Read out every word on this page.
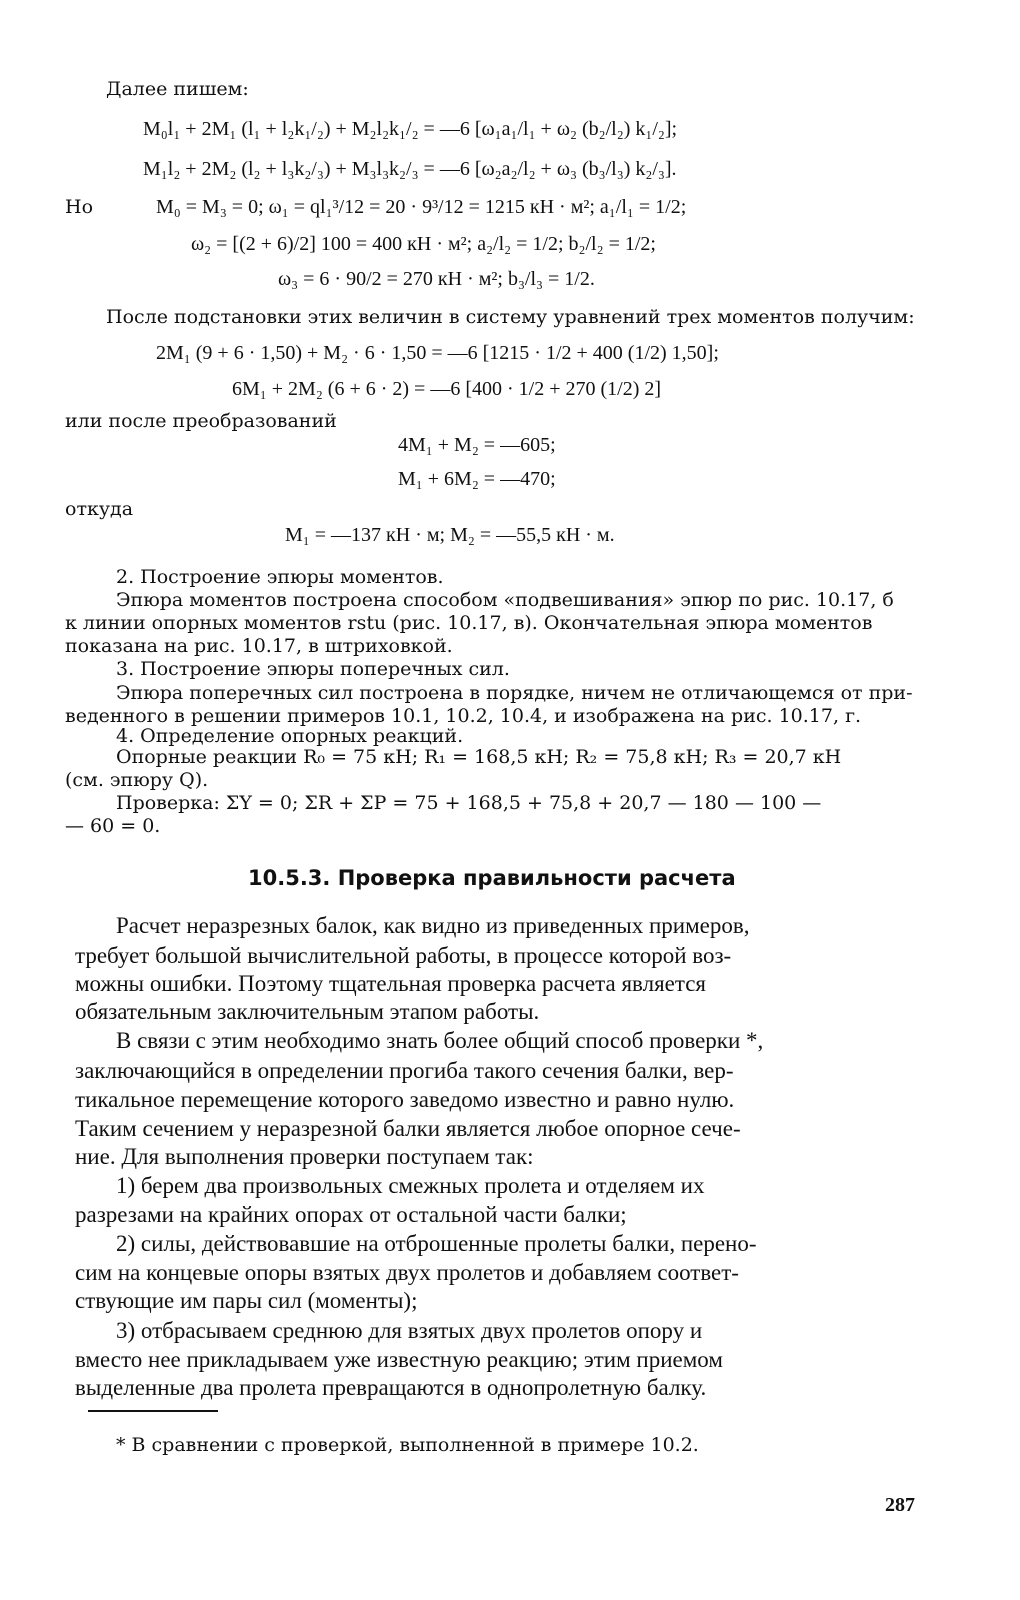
Далее пишем:
M₀l₁ + 2M₁ (l₁ + l₂k₁/₂) + M₂l₂k₁/₂ = —6 [ω₁a₁/l₁ + ω₂ (b₂/l₂) k₁/₂];
M₁l₂ + 2M₂ (l₂ + l₃k₂/₃) + M₃l₃k₂/₃ = —6 [ω₂a₂/l₂ + ω₃ (b₃/l₃) k₂/₃].
Но	M₀ = M₃ = 0; ω₁ = ql₁³/12 = 20 · 9³/12 = 1215 кН · м²; a₁/l₁ = 1/2;
ω₂ = [(2 + 6)/2] 100 = 400 кН · м²; a₂/l₂ = 1/2; b₂/l₂ = 1/2;
ω₃ = 6 · 90/2 = 270 кН · м²; b₃/l₃ = 1/2.
После подстановки этих величин в систему уравнений трех моментов получим:
2M₁ (9 + 6 · 1,50) + M₂ · 6 · 1,50 = —6 [1215 · 1/2 + 400 (1/2) 1,50];
6M₁ + 2M₂ (6 + 6 · 2) = —6 [400 · 1/2 + 270 (1/2) 2]
или после преобразований
4M₁ + M₂ = —605;
M₁ + 6M₂ = —470;
откуда
M₁ = —137 кН · м; M₂ = —55,5 кН · м.
2. Построение эпюры моментов.
Эпюра моментов построена способом «подвешивания» эпюр по рис. 10.17, б
к линии опорных моментов rstu (рис. 10.17, в). Окончательная эпюра моментов
показана на рис. 10.17, в штриховкой.
3. Построение эпюры поперечных сил.
Эпюра поперечных сил построена в порядке, ничем не отличающемся от при-
веденного в решении примеров 10.1, 10.2, 10.4, и изображена на рис. 10.17, г.
4. Определение опорных реакций.
Опорные реакции R₀ = 75 кН; R₁ = 168,5 кН; R₂ = 75,8 кН; R₃ = 20,7 кН
(см. эпюру Q).
Проверка: ΣY = 0; ΣR + ΣP = 75 + 168,5 + 75,8 + 20,7 — 180 — 100 —
— 60 = 0.
10.5.3. Проверка правильности расчета
Расчет неразрезных балок, как видно из приведенных примеров,
требует большой вычислительной работы, в процессе которой воз-
можны ошибки. Поэтому тщательная проверка расчета является
обязательным заключительным этапом работы.
В связи с этим необходимо знать более общий способ проверки *,
заключающийся в определении прогиба такого сечения балки, вер-
тикальное перемещение которого заведомо известно и равно нулю.
Таким сечением у неразрезной балки является любое опорное сече-
ние. Для выполнения проверки поступаем так:
1) берем два произвольных смежных пролета и отделяем их
разрезами на крайних опорах от остальной части балки;
2) силы, действовавшие на отброшенные пролеты балки, перено-
сим на концевые опоры взятых двух пролетов и добавляем соответ-
ствующие им пары сил (моменты);
3) отбрасываем среднюю для взятых двух пролетов опору и
вместо нее прикладываем уже известную реакцию; этим приемом
выделенные два пролета превращаются в однопролетную балку.
* В сравнении с проверкой, выполненной в примере 10.2.
287
